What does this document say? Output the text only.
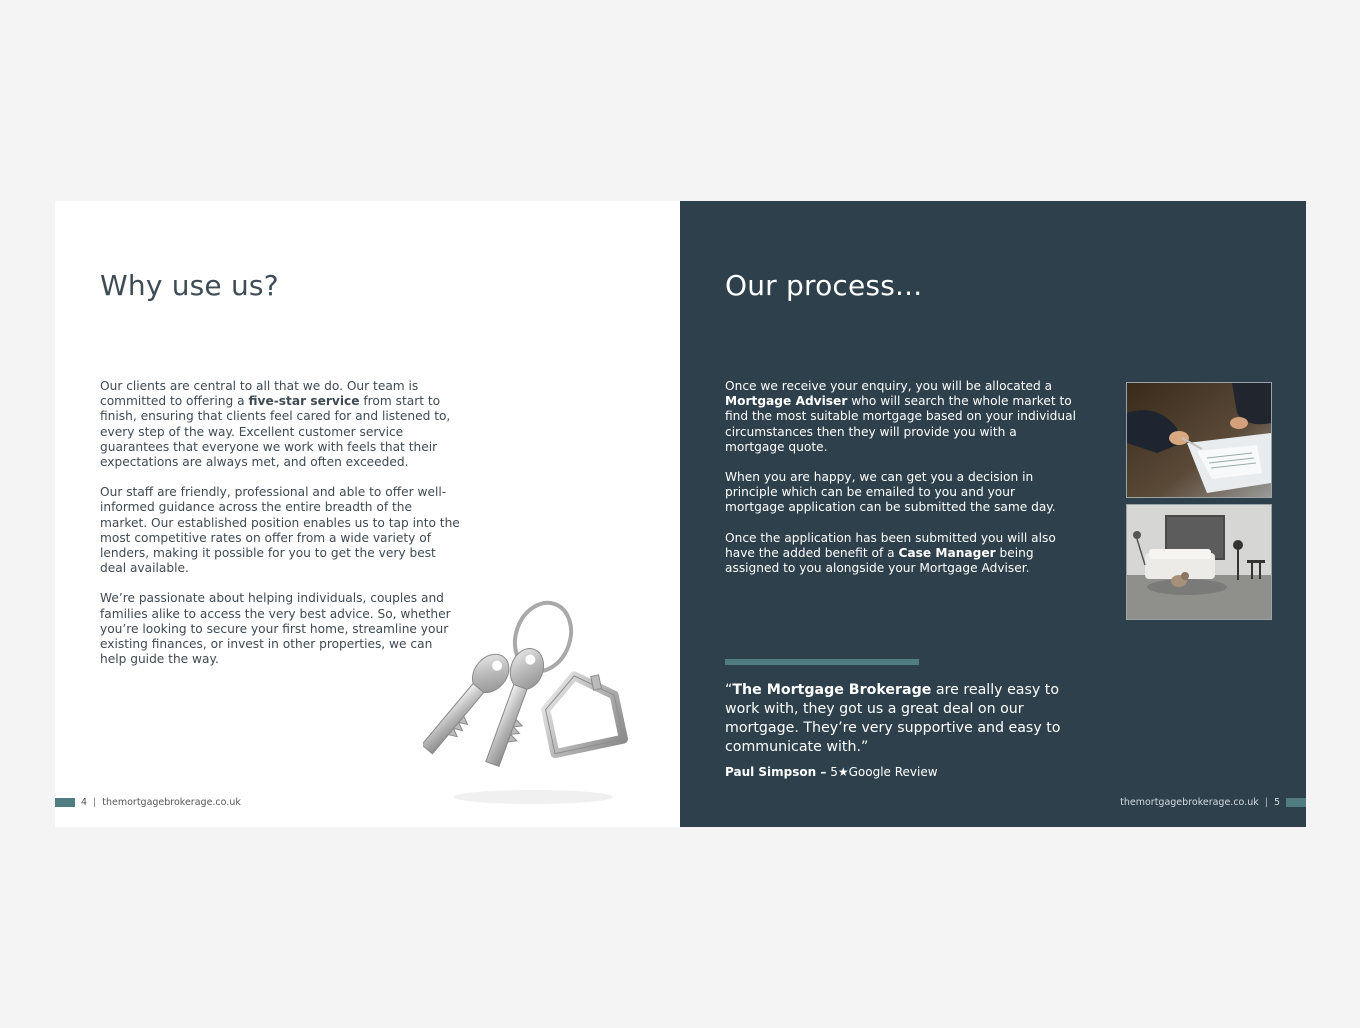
Why use us?

Our clients are central to all that we do. Our team is committed to offering a five-star service from start to finish, ensuring that clients feel cared for and listened to, every step of the way. Excellent customer service guarantees that everyone we work with feels that their expectations are always met, and often exceeded.

Our staff are friendly, professional and able to offer well-informed guidance across the entire breadth of the market. Our established position enables us to tap into the most competitive rates on offer from a wide variety of lenders, making it possible for you to get the very best deal available.

We’re passionate about helping individuals, couples and families alike to access the very best advice. So, whether you’re looking to secure your first home, streamline your existing finances, or invest in other properties, we can help guide the way.

4 | themortgagebrokerage.co.uk
Our process...

Once we receive your enquiry, you will be allocated a Mortgage Adviser who will search the whole market to find the most suitable mortgage based on your individual circumstances then they will provide you with a mortgage quote.

When you are happy, we can get you a decision in principle which can be emailed to you and your mortgage application can be submitted the same day.

Once the application has been submitted you will also have the added benefit of a Case Manager being assigned to you alongside your Mortgage Adviser.

“The Mortgage Brokerage are really easy to work with, they got us a great deal on our mortgage. They’re very supportive and easy to communicate with.”

Paul Simpson – 5★Google Review
themortgagebrokerage.co.uk | 5
